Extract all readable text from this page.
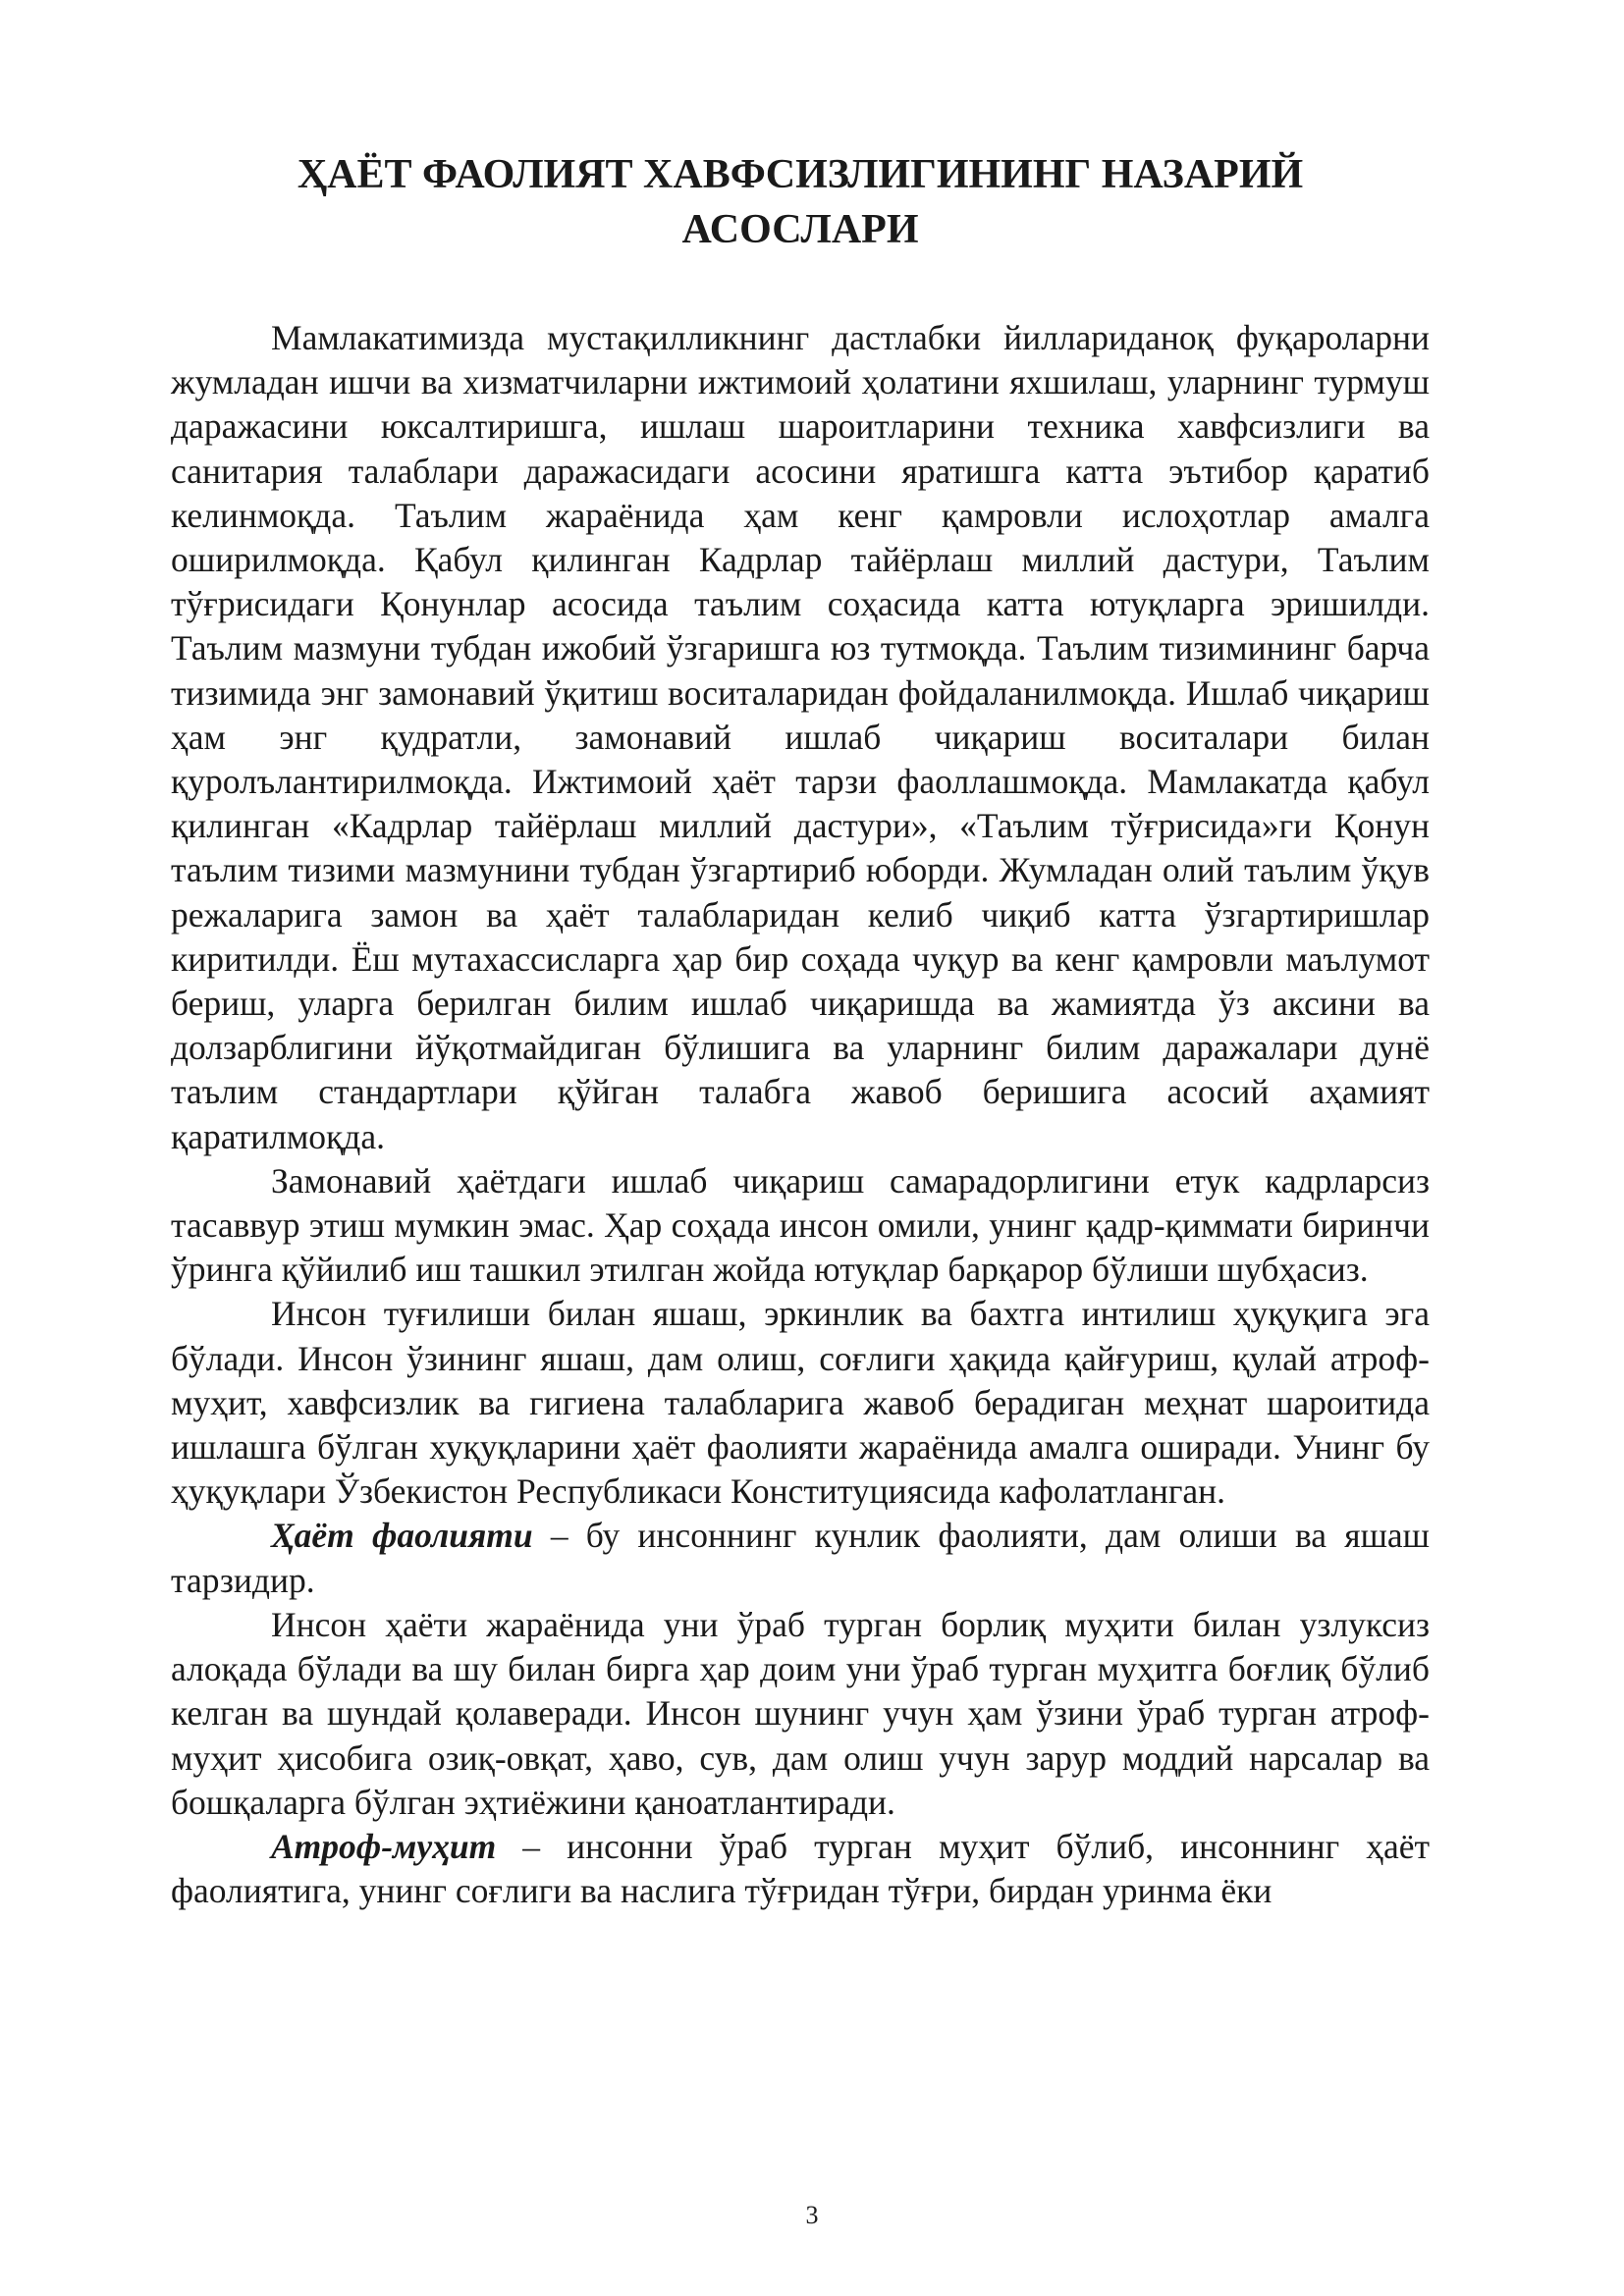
ҲАЁТ ФАОЛИЯТ ХАВФСИЗЛИГИНИНГ НАЗАРИЙ
АСОСЛАРИ

Мамлакатимизда мустақилликнинг дастлабки йиллариданоқ фуқароларни жумладан ишчи ва хизматчиларни ижтимоий ҳолатини яхшилаш, уларнинг турмуш даражасини юксалтиришга, ишлаш шароитларини техника хавфсизлиги ва санитария талаблари даражасидаги асосини яратишга катта эътибор қаратиб келинмоқда. Таълим жараёнида ҳам кенг қамровли ислоҳотлар амалга оширилмоқда. Қабул қилинган Кадрлар тайёрлаш миллий дастури, Таълим тўғрисидаги Қонунлар асосида таълим соҳасида катта ютуқларга эришилди. Таълим мазмуни тубдан ижобий ўзгаришга юз тутмоқда. Таълим тизимининг барча тизимида энг замонавий ўқитиш воситаларидан фойдаланилмоқда. Ишлаб чиқариш ҳам энг қудратли, замонавий ишлаб чиқариш воситалари билан қуролълантирилмоқда. Ижтимоий ҳаёт тарзи фаоллашмоқда. Мамлакатда қабул қилинган «Кадрлар тайёрлаш миллий дастури», «Таълим тўғрисида»ги Қонун таълим тизими мазмунини тубдан ўзгартириб юборди. Жумладан олий таълим ўқув режаларига замон ва ҳаёт талабларидан келиб чиқиб катта ўзгартиришлар киритилди. Ёш мутахассисларга ҳар бир соҳада чуқур ва кенг қамровли маълумот бериш, уларга берилган билим ишлаб чиқаришда ва жамиятда ўз аксини ва долзарблигини йўқотмайдиган бўлишига ва уларнинг билим даражалари дунё таълим стандартлари қўйган талабга жавоб беришига асосий аҳамият қаратилмоқда.

Замонавий ҳаётдаги ишлаб чиқариш самарадорлигини етук кадрларсиз тасаввур этиш мумкин эмас. Ҳар соҳада инсон омили, унинг қадр-қиммати биринчи ўринга қўйилиб иш ташкил этилган жойда ютуқлар барқарор бўлиши шубҳасиз.

Инсон туғилиши билан яшаш, эркинлик ва бахтга интилиш ҳуқуқига эга бўлади. Инсон ўзининг яшаш, дам олиш, соғлиги ҳақида қайғуриш, қулай атроф-муҳит, хавфсизлик ва гигиена талабларига жавоб берадиган меҳнат шароитида ишлашга бўлган хуқуқларини ҳаёт фаолияти жараёнида амалга оширади. Унинг бу ҳуқуқлари Ўзбекистон Республикаси Конституциясида кафолатланган.

Ҳаёт фаолияти – бу инсоннинг кунлик фаолияти, дам олиши ва яшаш тарзидир.

Инсон ҳаёти жараёнида уни ўраб турган борлиқ муҳити билан узлуксиз алоқада бўлади ва шу билан бирга ҳар доим уни ўраб турган муҳитга боғлиқ бўлиб келган ва шундай қолаверади. Инсон шунинг учун ҳам ўзини ўраб турган атроф-муҳит ҳисобига озиқ-овқат, ҳаво, сув, дам олиш учун зарур моддий нарсалар ва бошқаларга бўлган эҳтиёжини қаноатлантиради.

Атроф-муҳит – инсонни ўраб турган муҳит бўлиб, инсоннинг ҳаёт фаолиятига, унинг соғлиги ва наслига тўғридан тўғри, бирдан уринма ёки

3
